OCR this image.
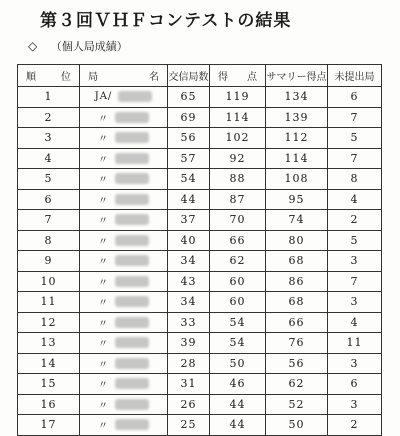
第３回ＶＨＦコンテストの結果
◇ （個人局成績）
順 位	局 名	交信局数	得 点	サマリー得点	未提出局
1	JA/	65	119	134	6
2	〃	69	114	139	7
3	〃	56	102	112	5
4	〃	57	92	114	7
5	〃	54	88	108	8
6	〃	44	87	95	4
7	〃	37	70	74	2
8	〃	40	66	80	5
9	〃	34	62	68	3
10	〃	43	60	86	7
11	〃	34	60	68	3
12	〃	33	54	66	4
13	〃	39	54	76	11
14	〃	28	50	56	3
15	〃	31	46	62	6
16	〃	26	44	52	3
17	〃	25	44	50	2
